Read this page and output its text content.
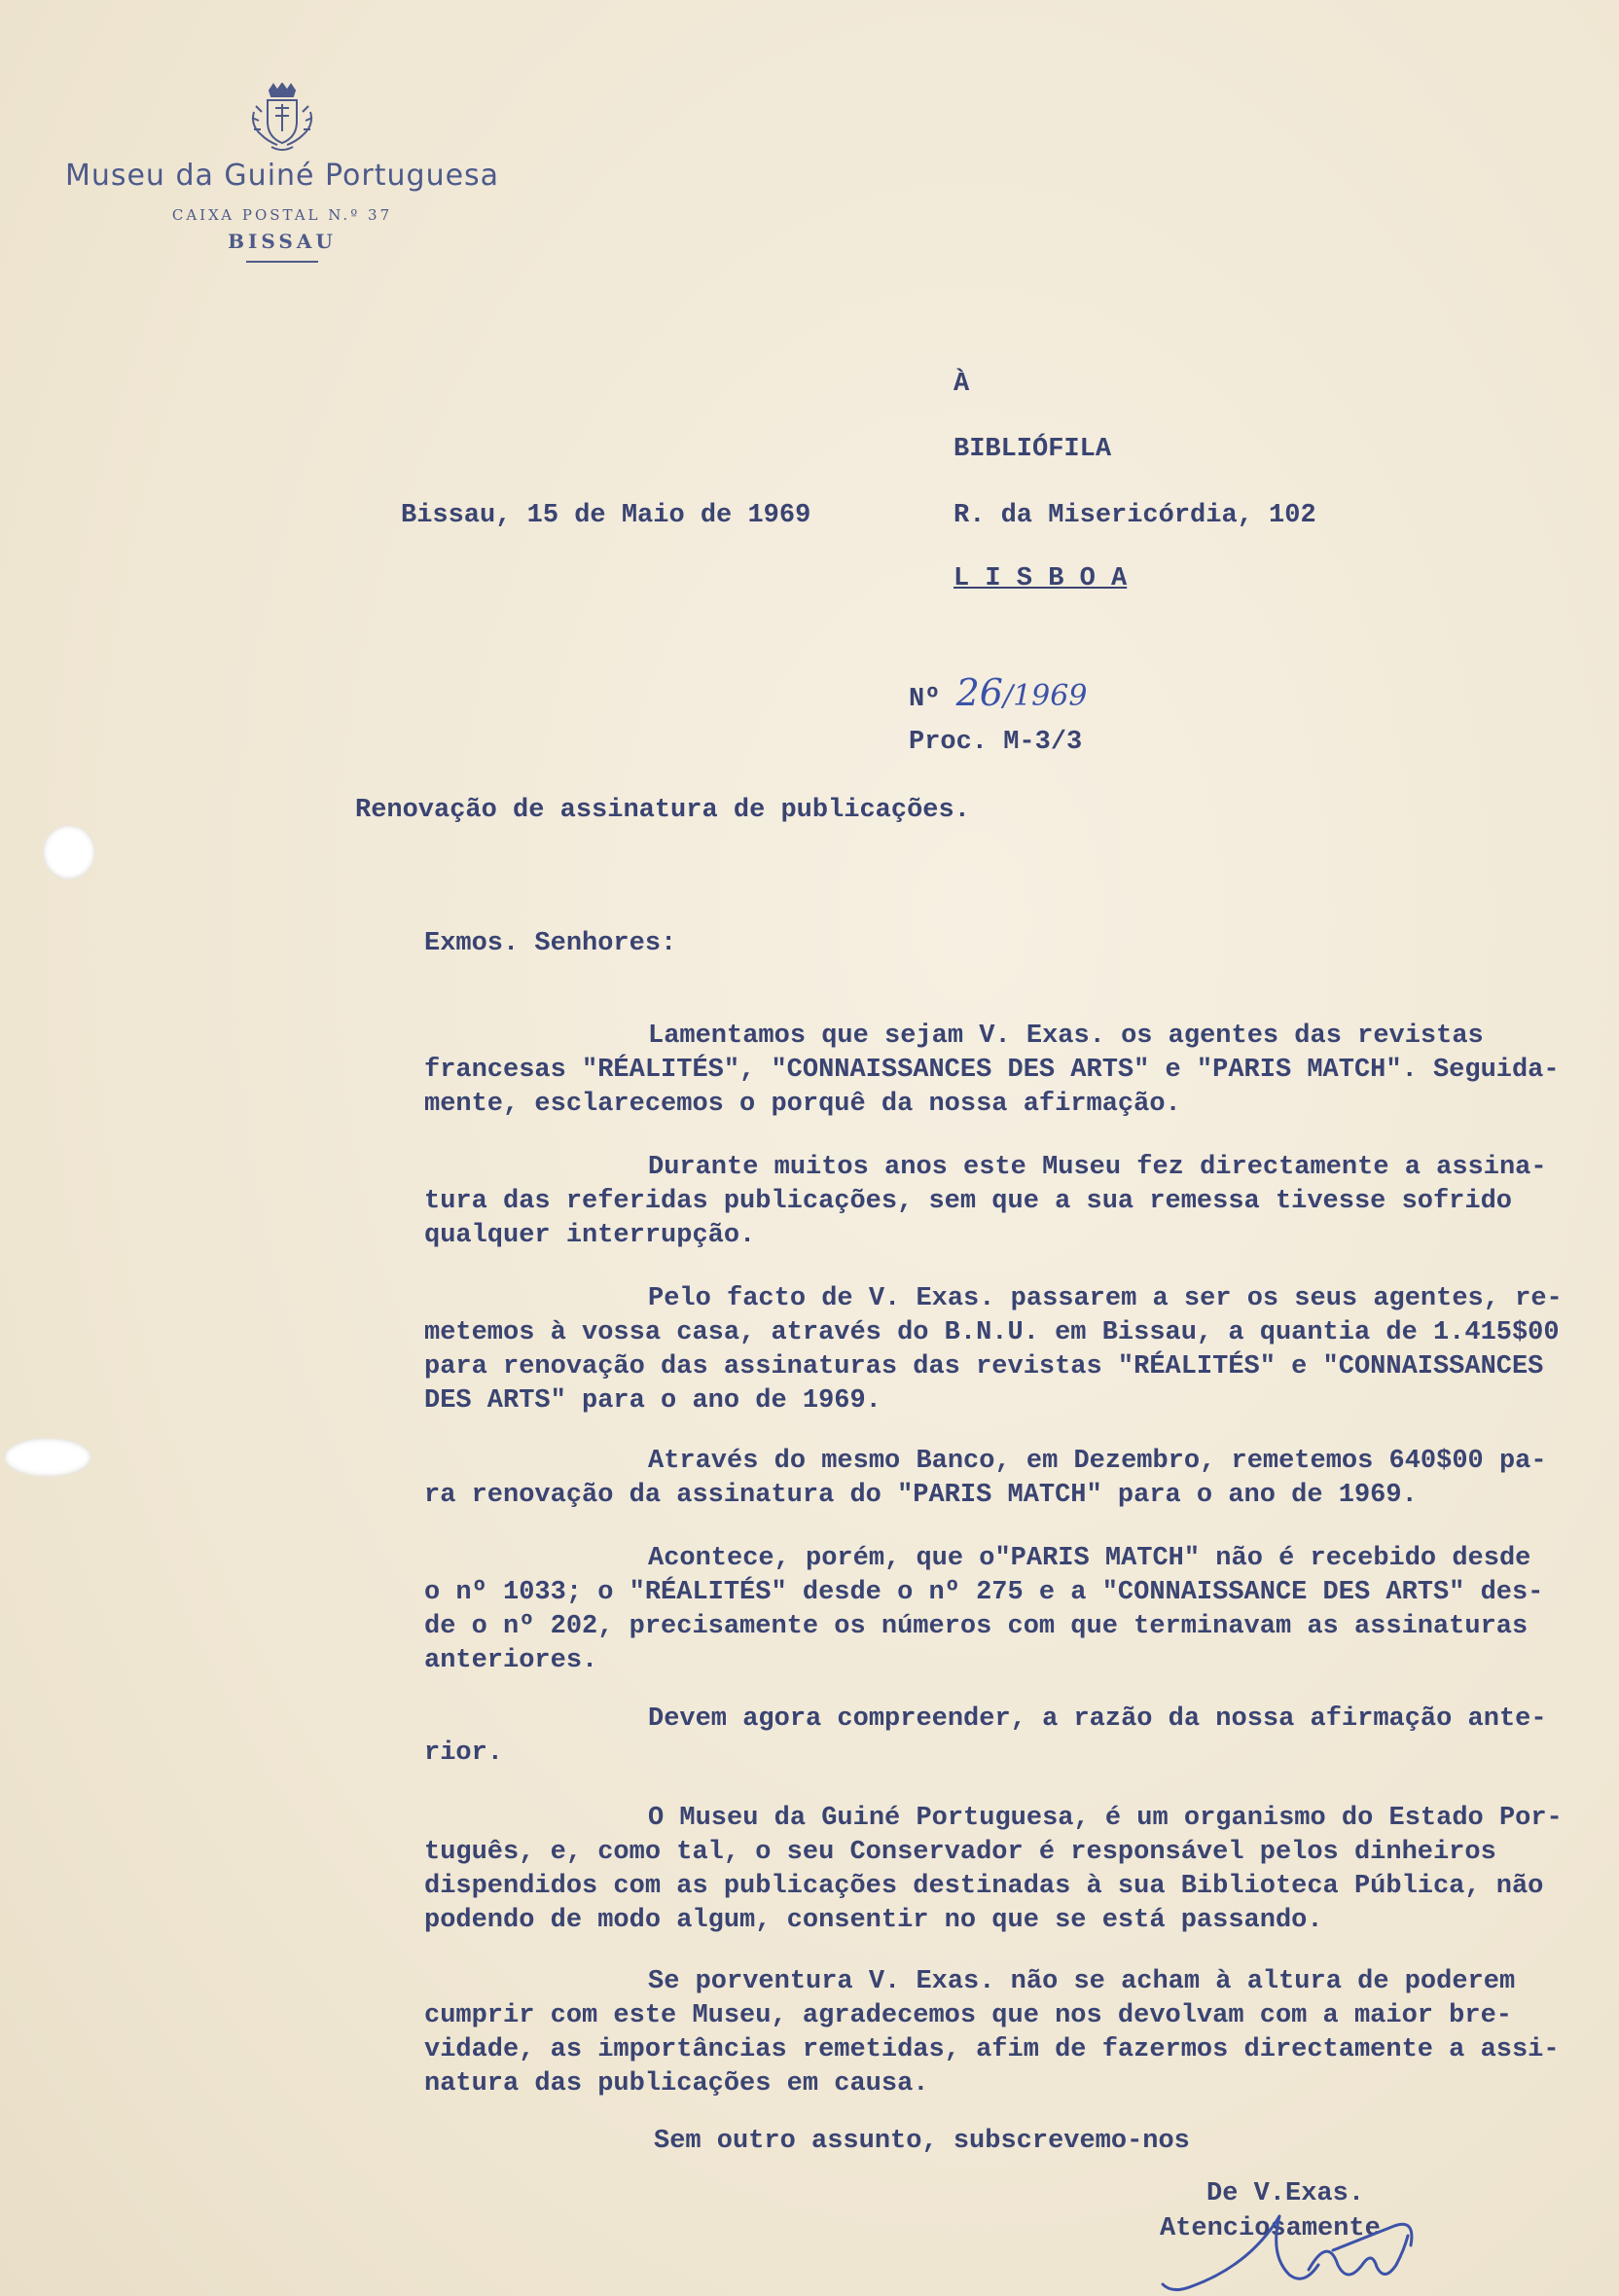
Museu da Guiné Portuguesa
CAIXA POSTAL N.º 37
BISSAU
À
BIBLIÓFILA
Bissau, 15 de Maio de 1969	R. da Misericórdia, 102
L I S B O A
Nº 26/1969
Proc. M-3/3
Renovação de assinatura de publicações.
Exmos. Senhores:
Lamentamos que sejam V. Exas. os agentes das revistas
francesas "RÉALITÉS", "CONNAISSANCES DES ARTS" e "PARIS MATCH". Seguida-
mente, esclarecemos o porquê da nossa afirmação.
Durante muitos anos este Museu fez directamente a assina-
tura das referidas publicações, sem que a sua remessa tivesse sofrido
qualquer interrupção.
Pelo facto de V. Exas. passarem a ser os seus agentes, re-
metemos à vossa casa, através do B.N.U. em Bissau, a quantia de 1.415$00
para renovação das assinaturas das revistas "RÉALITÉS" e "CONNAISSANCES
DES ARTS" para o ano de 1969.
Através do mesmo Banco, em Dezembro, remetemos 640$00 pa-
ra renovação da assinatura do "PARIS MATCH" para o ano de 1969.
Acontece, porém, que o"PARIS MATCH" não é recebido desde
o nº 1033; o "RÉALITÉS" desde o nº 275 e a "CONNAISSANCE DES ARTS" des-
de o nº 202, precisamente os números com que terminavam as assinaturas
anteriores.
Devem agora compreender, a razão da nossa afirmação ante-
rior.
O Museu da Guiné Portuguesa, é um organismo do Estado Por-
tuguês, e, como tal, o seu Conservador é responsável pelos dinheiros
dispendidos com as publicações destinadas à sua Biblioteca Pública, não
podendo de modo algum, consentir no que se está passando.
Se porventura V. Exas. não se acham à altura de poderem
cumprir com este Museu, agradecemos que nos devolvam com a maior bre-
vidade, as importâncias remetidas, afim de fazermos directamente a assi-
natura das publicações em causa.
Sem outro assunto, subscrevemo-nos
De V.Exas.
Atenciosamente
